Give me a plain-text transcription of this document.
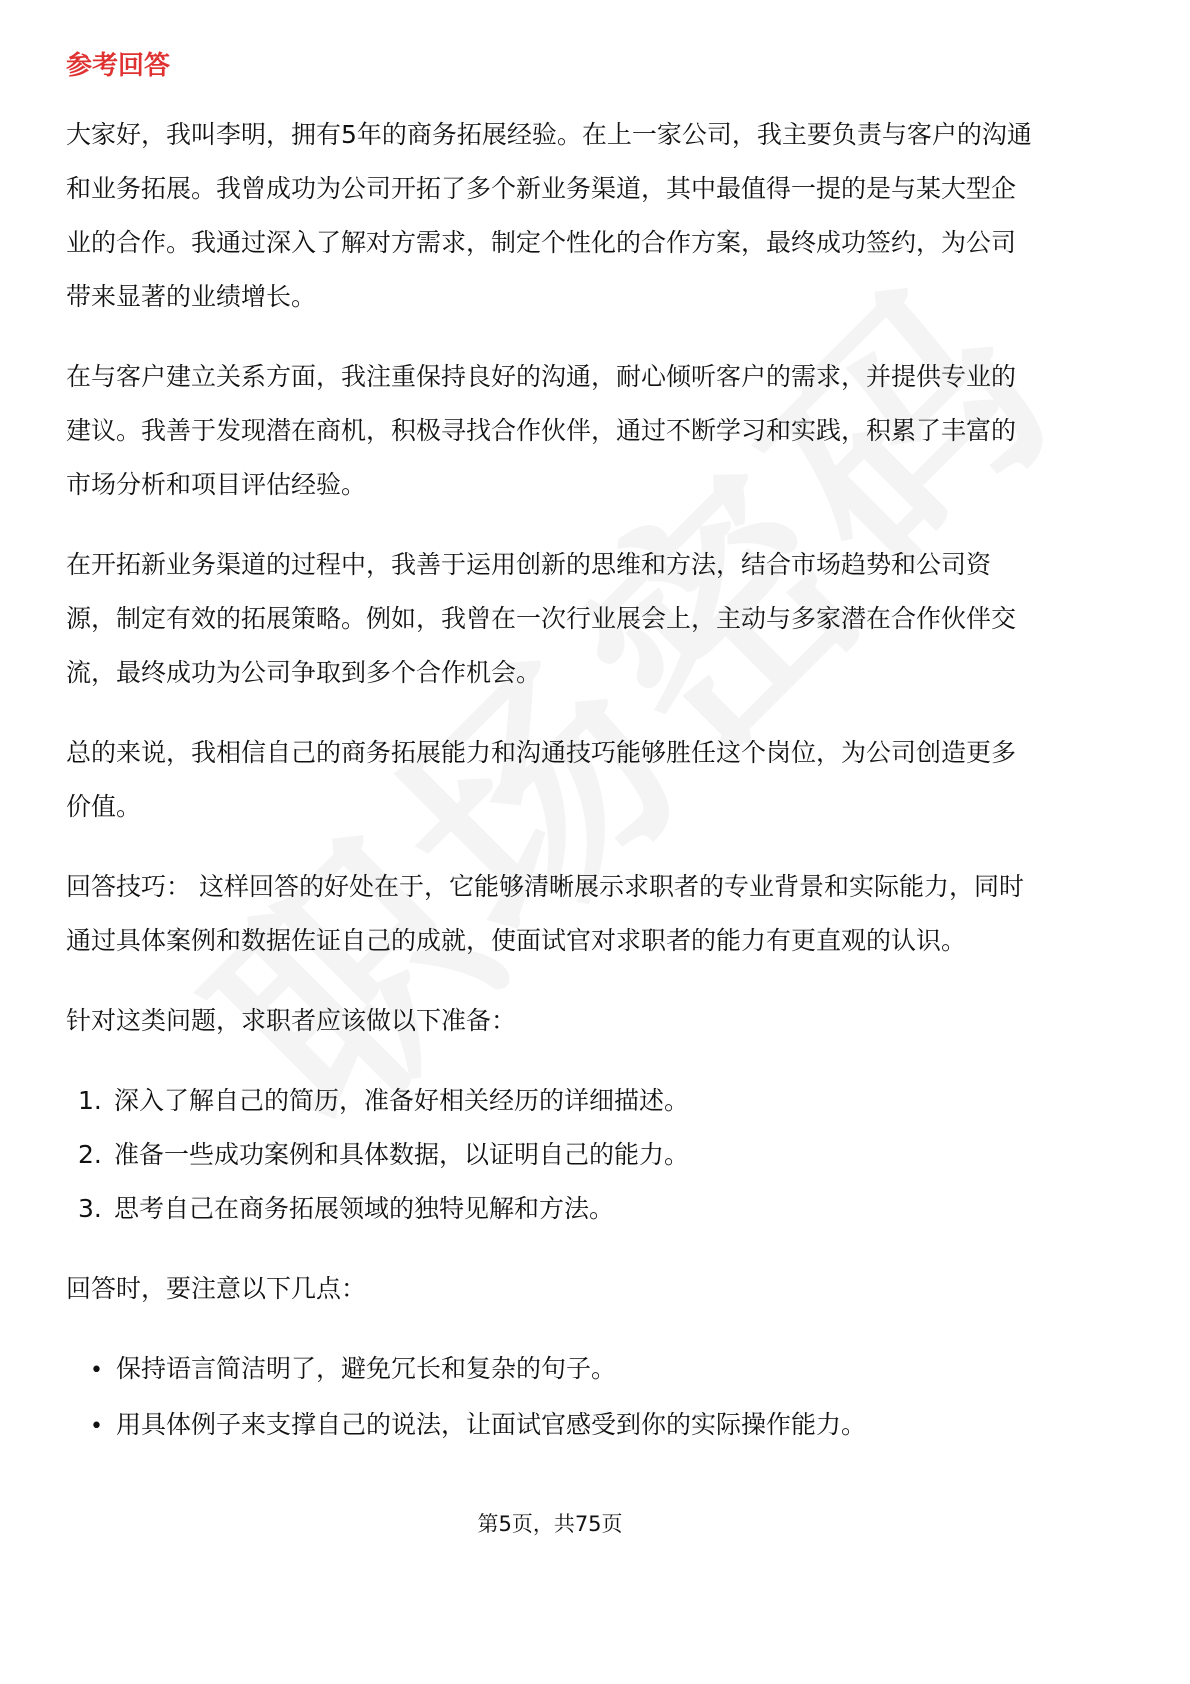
参考回答

大家好，我叫李明，拥有5年的商务拓展经验。在上一家公司，我主要负责与客户的沟通和业务拓展。我曾成功为公司开拓了多个新业务渠道，其中最值得一提的是与某大型企业的合作。我通过深入了解对方需求，制定个性化的合作方案，最终成功签约，为公司带来显著的业绩增长。

在与客户建立关系方面，我注重保持良好的沟通，耐心倾听客户的需求，并提供专业的建议。我善于发现潜在商机，积极寻找合作伙伴，通过不断学习和实践，积累了丰富的市场分析和项目评估经验。

在开拓新业务渠道的过程中，我善于运用创新的思维和方法，结合市场趋势和公司资源，制定有效的拓展策略。例如，我曾在一次行业展会上，主动与多家潜在合作伙伴交流，最终成功为公司争取到多个合作机会。

总的来说，我相信自己的商务拓展能力和沟通技巧能够胜任这个岗位，为公司创造更多价值。

回答技巧： 这样回答的好处在于，它能够清晰展示求职者的专业背景和实际能力，同时通过具体案例和数据佐证自己的成就，使面试官对求职者的能力有更直观的认识。

针对这类问题，求职者应该做以下准备：

1. 深入了解自己的简历，准备好相关经历的详细描述。
2. 准备一些成功案例和具体数据，以证明自己的能力。
3. 思考自己在商务拓展领域的独特见解和方法。

回答时，要注意以下几点：

• 保持语言简洁明了，避免冗长和复杂的句子。
• 用具体例子来支撑自己的说法，让面试官感受到你的实际操作能力。
第5页，共75页
